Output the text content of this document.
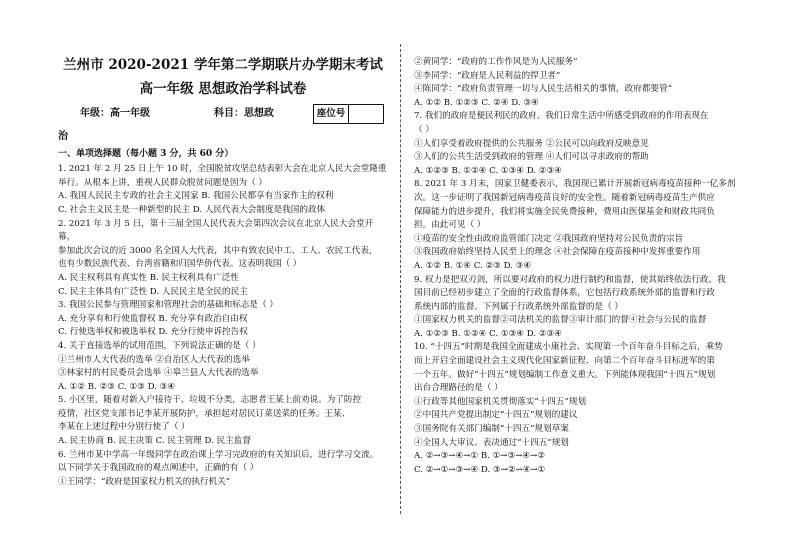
兰州市 2020-2021 学年第二学期联片办学期末考试
高一年级 思想政治学科试卷
年级：高一年级	科目：思想政	座位号
治
一、单项选择题（每小题 3 分，共 60 分）

1. 2021 年 2 月 25 日上午 10 时，全国脱贫攻坚总结表彰大会在北京人民大会堂隆重

举行。从根本上讲，重视人民群众脱贫问题是因为（ ）

A. 我国人民民主专政的社会主义国家 B. 我国公民都享有当家作主的权利

C. 社会主义民主是一种新型的民主 D. 人民代表大会制度是我国的政体

2. 2021 年 3 月 5 日，第十三届全国人民代表大会第四次会议在北京人民大会堂开幕，

参加此次会议的近 3000 名全国人大代表，其中有致农民中工、工人、农民工代表，

也有少数民族代表、台湾省籍和归国华侨代表。这表明我国（ ）

A. 民主权利具有真实性 B. 民主权利具有广泛性

C. 民主主体具有广泛性 D. 人民民主是全民的民主

3. 我国公民参与管理国家和管理社会的基础和标志是（ ）

A. 充分享有和行使监督权 B. 充分享有政治自由权

C. 行使选举权和被选举权 D. 充分行使申诉控告权

4. 关于直接选举的试用范围，下列说法正确的是（ ）

①兰州市人大代表的选举 ②自治区人大代表的选举

③林家村的村民委员会选举 ④皋兰县人大代表的选举

A. ①② B. ②③ C. ①③ D. ③④

5. 小区里，随着对新入户接待干、垃圾不分类，志愿者王某上前劝说。为了防控

疫情，社区党支部书记李某开展防护，承担起对居民订菜送菜的任务。王某、

李某在上述过程中分别行使了（ ）

A. 民主协商 B. 民主决策 C. 民主管理 D. 民主监督

6. 兰州市某中学高一年级同学在政治课上学习完政府的有关知识后，进行学习交流。

以下同学关于我国政府的观点阐述中，正确的有（ ）

①王同学：“政府是国家权力机关的执行机关”

②黄同学：“政府的工作作风是为人民服务”

③李同学：“政府是人民利益的捍卫者”

④陈同学：“政府负责管理一切与人民生活相关的事情，政府都要管”

A. ①② B. ①②③ C. ②④ D. ③④

7. 我们的政府是便民利民的政府。我们日常生活中所感受到政府的作用表现在

（ ）

①人们享受着政府提供的公共服务 ②公民可以向政府反映意见

③人们的公共生活受到政府的管理 ④人们可以寻求政府的帮助

A. ①②③ B. ①②④ C. ①③④ D. ②③④

8. 2021 年 3 月末，国家卫健委表示，我国现已累计开展新冠病毒疫苗接种一亿多剂

次。这一步证明了我国新冠病毒疫苗良好的安全性。随着新冠病毒疫苗生产供应

保障能力的进步提升，我们将实施全民免费接种，费用由医保基金和财政共同负

担。由此可见（ ）

①疫苗的安全性由政府监管部门决定 ②我国政府坚持对公民负责的宗旨

③我国政府始终坚持人民至上的理念 ④社会保障在疫苗接种中发挥重要作用

A. ①② B. ①④ C. ②③ D. ③④

9. 权力是把双刃剑，所以要对政府的权力进行制约和监督，使其始终依法行政。我

国目前已经初步建立了全面的行政监督体系，它包括行政系统外部的监督和行政

系统内部的监督。下列属于行政系统外部监督的是（ ）

①国家权力机关的监督②司法机关的监督③审计部门的督④社会与公民的监督

A. ①②③ B. ①②④ C. ①③④ D. ②③④

10. “十四五”时期是我国全面建成小康社会、实现第一个百年奋斗目标之后，乘势

而上开启全面建设社会主义现代化国家新征程、向第二个百年奋斗目标进军的第

一个五年。做好“十四五”规划编制工作意义重大。下列能体现我国“十四五”规划

出台合理路径的是（ ）

①行政等其他国家机关贯彻落实“十四五”规划

②中国共产党提出制定“十四五”规划的建议

③国务院有关部门编制“十四五”规划草案

④全国人大审议、表决通过“十四五”规划

A. ②→③→④→① B. ①→③→④→②

C. ②→①→③→④ D. ③→②→④→①
